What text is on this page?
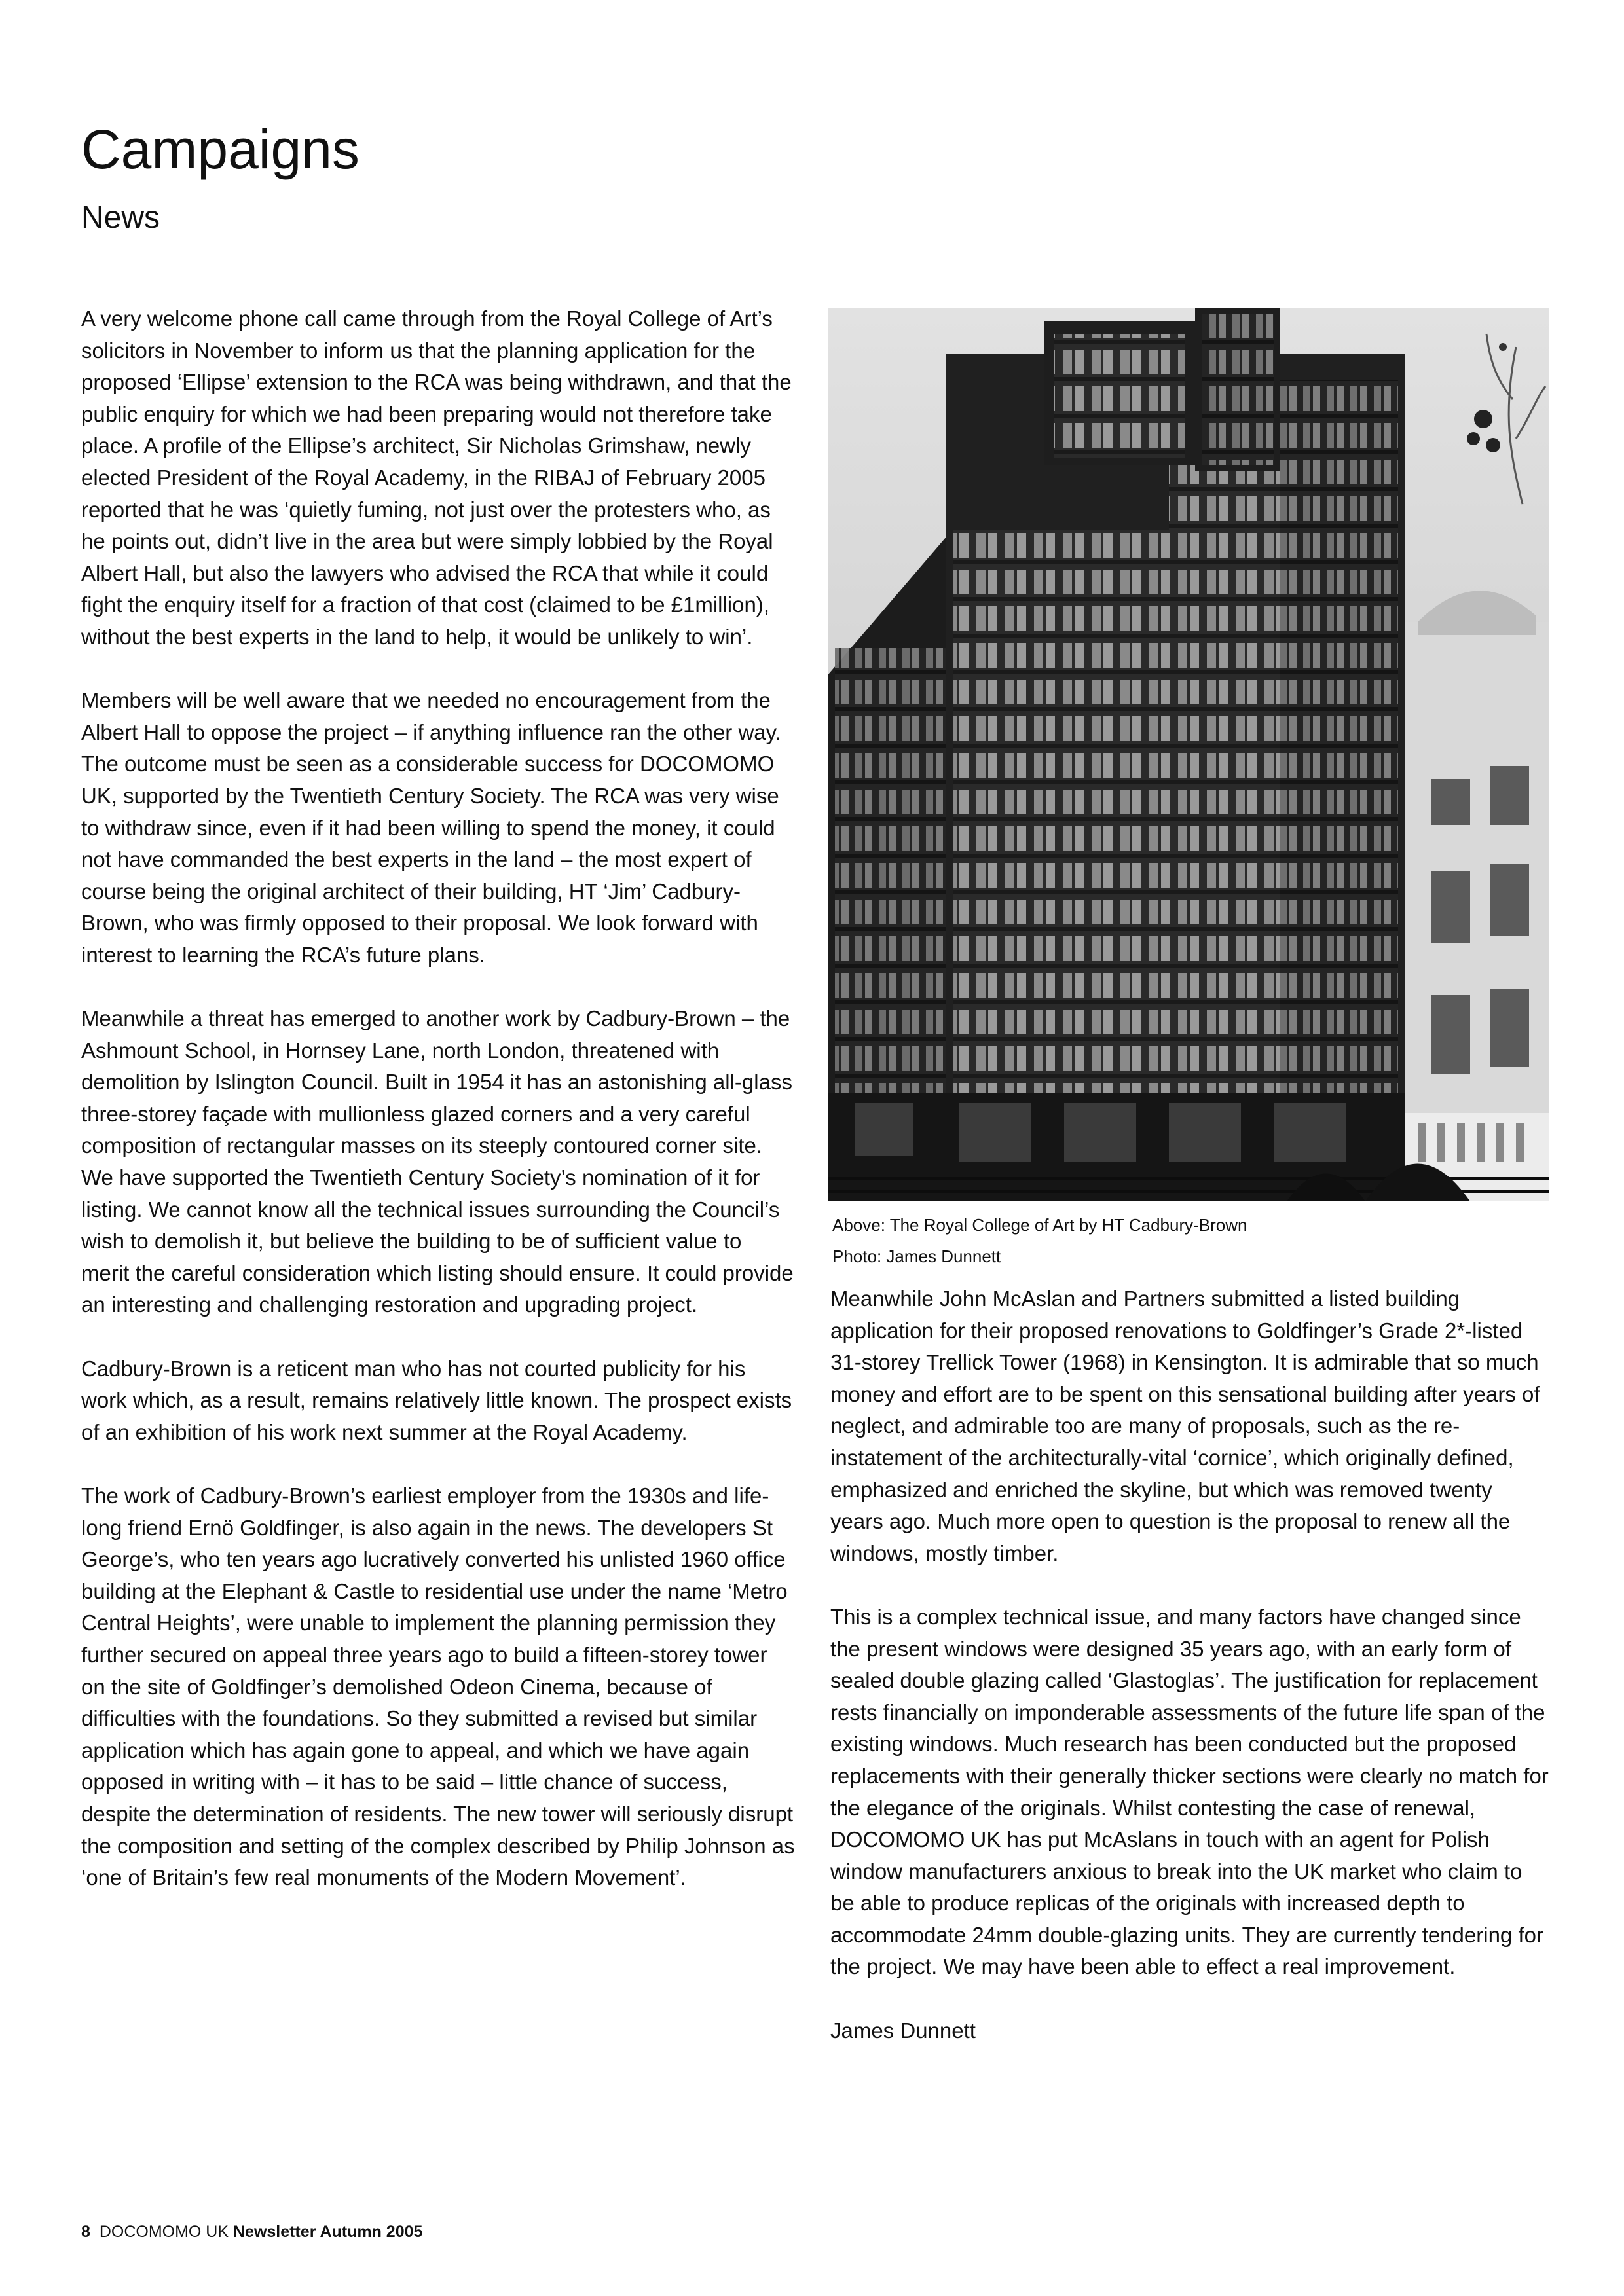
Campaigns
News

A very welcome phone call came through from the Royal College of Art’s solicitors in November to inform us that the planning application for the proposed ‘Ellipse’ extension to the RCA was being withdrawn, and that the public enquiry for which we had been preparing would not therefore take place. A profile of the Ellipse’s architect, Sir Nicholas Grimshaw, newly elected President of the Royal Academy, in the RIBAJ of February 2005 reported that he was ‘quietly fuming, not just over the protesters who, as he points out, didn’t live in the area but were simply lobbied by the Royal Albert Hall, but also the lawyers who advised the RCA that while it could fight the enquiry itself for a fraction of that cost (claimed to be £1million), without the best experts in the land to help, it would be unlikely to win’.

Members will be well aware that we needed no encouragement from the Albert Hall to oppose the project – if anything influence ran the other way. The outcome must be seen as a considerable success for DOCOMOMO UK, supported by the Twentieth Century Society. The RCA was very wise to withdraw since, even if it had been willing to spend the money, it could not have commanded the best experts in the land – the most expert of course being the original architect of their building, HT ‘Jim’ Cadbury-Brown, who was firmly opposed to their proposal. We look forward with interest to learning the RCA’s future plans.

Meanwhile a threat has emerged to another work by Cadbury-Brown – the Ashmount School, in Hornsey Lane, north London, threatened with demolition by Islington Council. Built in 1954 it has an astonishing all-glass three-storey façade with mullionless glazed corners and a very careful composition of rectangular masses on its steeply contoured corner site. We have supported the Twentieth Century Society’s nomination of it for listing. We cannot know all the technical issues surrounding the Council’s wish to demolish it, but believe the building to be of sufficient value to merit the careful consideration which listing should ensure. It could provide an interesting and challenging restoration and upgrading project.

Cadbury-Brown is a reticent man who has not courted publicity for his work which, as a result, remains relatively little known. The prospect exists of an exhibition of his work next summer at the Royal Academy.

The work of Cadbury-Brown’s earliest employer from the 1930s and life-long friend Ernö Goldfinger, is also again in the news. The developers St George’s, who ten years ago lucratively converted his unlisted 1960 office building at the Elephant & Castle to residential use under the name ‘Metro Central Heights’, were unable to implement the planning permission they further secured on appeal three years ago to build a fifteen-storey tower on the site of Goldfinger’s demolished Odeon Cinema, because of difficulties with the foundations. So they submitted a revised but similar application which has again gone to appeal, and which we have again opposed in writing with – it has to be said – little chance of success, despite the determination of residents. The new tower will seriously disrupt the composition and setting of the complex described by Philip Johnson as ‘one of Britain’s few real monuments of the Modern Movement’.

Above: The Royal College of Art by HT Cadbury-Brown
Photo: James Dunnett

Meanwhile John McAslan and Partners submitted a listed building application for their proposed renovations to Goldfinger’s Grade 2*-listed 31-storey Trellick Tower (1968) in Kensington. It is admirable that so much money and effort are to be spent on this sensational building after years of neglect, and admirable too are many of proposals, such as the re-instatement of the architecturally-vital ‘cornice’, which originally defined, emphasized and enriched the skyline, but which was removed twenty years ago. Much more open to question is the proposal to renew all the windows, mostly timber.

This is a complex technical issue, and many factors have changed since the present windows were designed 35 years ago, with an early form of sealed double glazing called ‘Glastoglas’. The justification for replacement rests financially on imponderable assessments of the future life span of the existing windows. Much research has been conducted but the proposed replacements with their generally thicker sections were clearly no match for the elegance of the originals. Whilst contesting the case of renewal, DOCOMOMO UK has put McAslans in touch with an agent for Polish window manufacturers anxious to break into the UK market who claim to be able to produce replicas of the originals with increased depth to accommodate 24mm double-glazing units. They are currently tendering for the project. We may have been able to effect a real improvement.

James Dunnett

8 DOCOMOMO UK Newsletter Autumn 2005
